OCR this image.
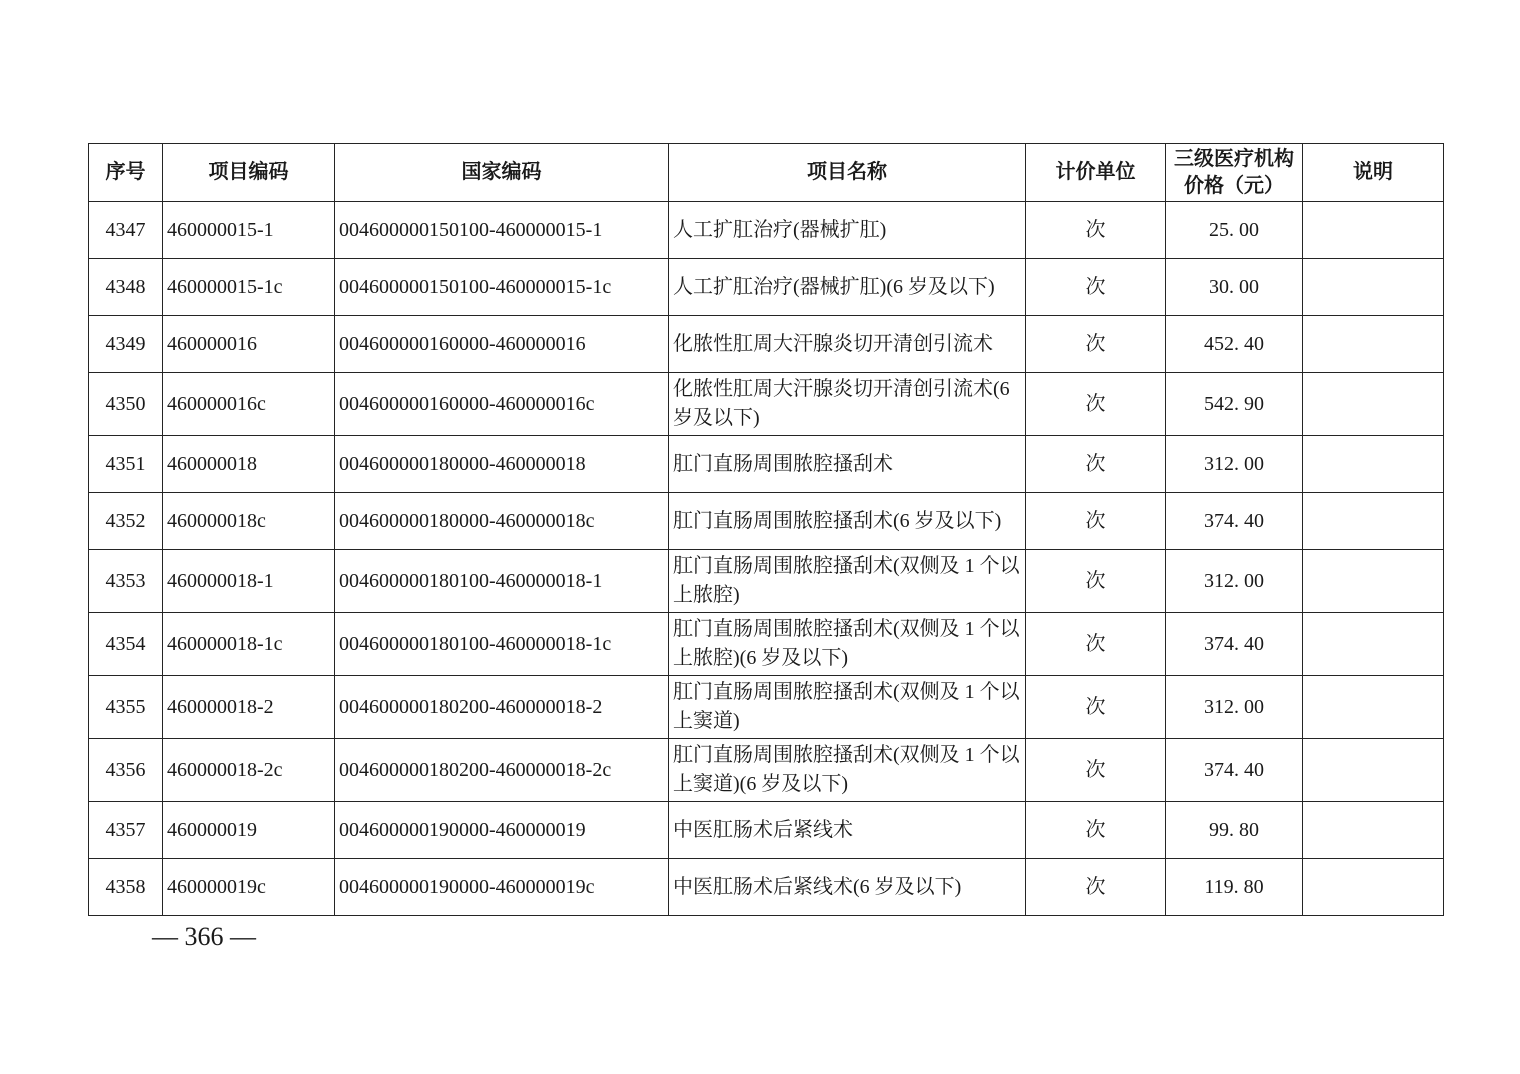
序号	项目编码	国家编码	项目名称	计价单位	三级医疗机构价格（元）	说明
4347	460000015-1	004600000150100-460000015-1	人工扩肛治疗(器械扩肛)	次	25. 00	
4348	460000015-1c	004600000150100-460000015-1c	人工扩肛治疗(器械扩肛)(6 岁及以下)	次	30. 00	
4349	460000016	004600000160000-460000016	化脓性肛周大汗腺炎切开清创引流术	次	452. 40	
4350	460000016c	004600000160000-460000016c	化脓性肛周大汗腺炎切开清创引流术(6 岁及以下)	次	542. 90	
4351	460000018	004600000180000-460000018	肛门直肠周围脓腔搔刮术	次	312. 00	
4352	460000018c	004600000180000-460000018c	肛门直肠周围脓腔搔刮术(6 岁及以下)	次	374. 40	
4353	460000018-1	004600000180100-460000018-1	肛门直肠周围脓腔搔刮术(双侧及 1 个以上脓腔)	次	312. 00	
4354	460000018-1c	004600000180100-460000018-1c	肛门直肠周围脓腔搔刮术(双侧及 1 个以上脓腔)(6 岁及以下)	次	374. 40	
4355	460000018-2	004600000180200-460000018-2	肛门直肠周围脓腔搔刮术(双侧及 1 个以上窦道)	次	312. 00	
4356	460000018-2c	004600000180200-460000018-2c	肛门直肠周围脓腔搔刮术(双侧及 1 个以上窦道)(6 岁及以下)	次	374. 40	
4357	460000019	004600000190000-460000019	中医肛肠术后紧线术	次	99. 80	
4358	460000019c	004600000190000-460000019c	中医肛肠术后紧线术(6 岁及以下)	次	119. 80	
— 366 —
